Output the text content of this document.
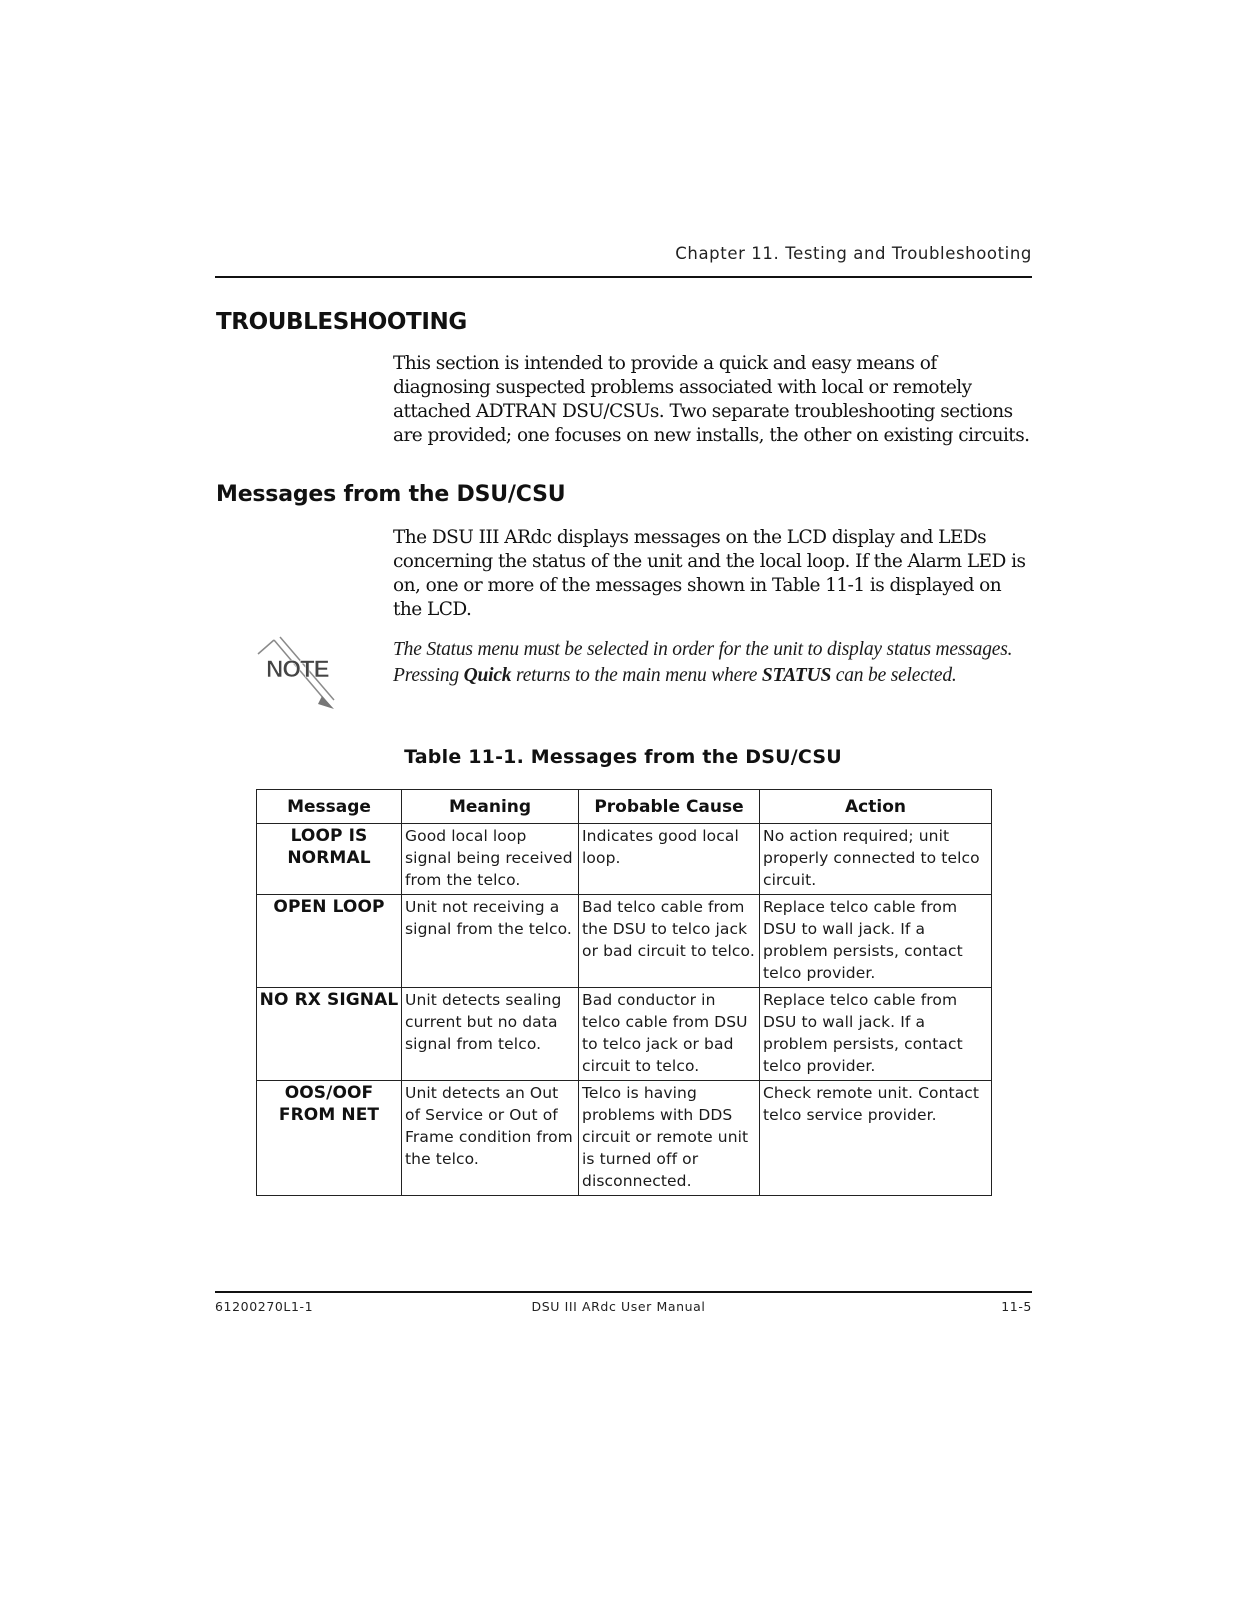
Chapter 11. Testing and Troubleshooting
TROUBLESHOOTING
This section is intended to provide a quick and easy means of diagnosing suspected problems associated with local or remotely attached ADTRAN DSU/CSUs. Two separate troubleshooting sections are provided; one focuses on new installs, the other on existing circuits.
Messages from the DSU/CSU
The DSU III ARdc displays messages on the LCD display and LEDs concerning the status of the unit and the local loop. If the Alarm LED is on, one or more of the messages shown in Table 11-1 is displayed on the LCD.
NOTE
The Status menu must be selected in order for the unit to display status messages. Pressing Quick returns to the main menu where STATUS can be selected.
Table 11-1. Messages from the DSU/CSU
Message	Meaning	Probable Cause	Action
LOOP IS
NORMAL	Good local loop signal being received from the telco.	Indicates good local loop.	No action required; unit properly connected to telco circuit.
OPEN LOOP	Unit not receiving a signal from the telco.	Bad telco cable from the DSU to telco jack or bad circuit to telco.	Replace telco cable from DSU to wall jack. If a problem persists, contact telco provider.
NO RX SIGNAL	Unit detects sealing current but no data signal from telco.	Bad conductor in telco cable from DSU to telco jack or bad circuit to telco.	Replace telco cable from DSU to wall jack. If a problem persists, contact telco provider.
OOS/OOF
FROM NET	Unit detects an Out of Service or Out of Frame condition from the telco.	Telco is having problems with DDS circuit or remote unit is turned off or disconnected.	Check remote unit. Contact telco service provider.
61200270L1-1	DSU III ARdc User Manual	11-5
